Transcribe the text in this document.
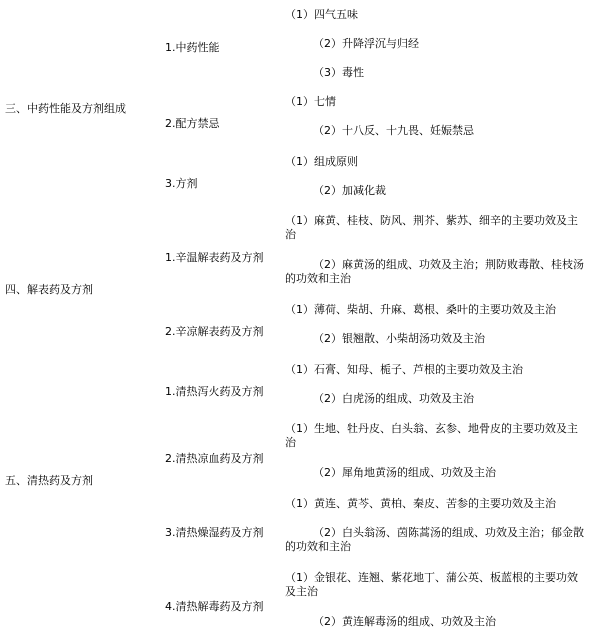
三、中药性能及方剂组成
1.中药性能
（1）四气五味
（2）升降浮沉与归经
（3）毒性
2.配方禁忌
（1）七情
（2）十八反、十九畏、妊娠禁忌
3.方剂
（1）组成原则
（2）加减化裁
四、解表药及方剂
1.辛温解表药及方剂
（1）麻黄、桂枝、防风、荆芥、紫苏、细辛的主要功效及主治
（2）麻黄汤的组成、功效及主治；荆防败毒散、桂枝汤的功效和主治
2.辛凉解表药及方剂
（1）薄荷、柴胡、升麻、葛根、桑叶的主要功效及主治
（2）银翘散、小柴胡汤功效及主治
五、清热药及方剂
1.清热泻火药及方剂
（1）石膏、知母、栀子、芦根的主要功效及主治
（2）白虎汤的组成、功效及主治
2.清热凉血药及方剂
（1）生地、牡丹皮、白头翁、玄参、地骨皮的主要功效及主治
（2）犀角地黄汤的组成、功效及主治
3.清热燥湿药及方剂
（1）黄连、黄芩、黄柏、秦皮、苦参的主要功效及主治
（2）白头翁汤、茵陈蒿汤的组成、功效及主治；郁金散的功效和主治
4.清热解毒药及方剂
（1）金银花、连翘、紫花地丁、蒲公英、板蓝根的主要功效及主治
（2）黄连解毒汤的组成、功效及主治
